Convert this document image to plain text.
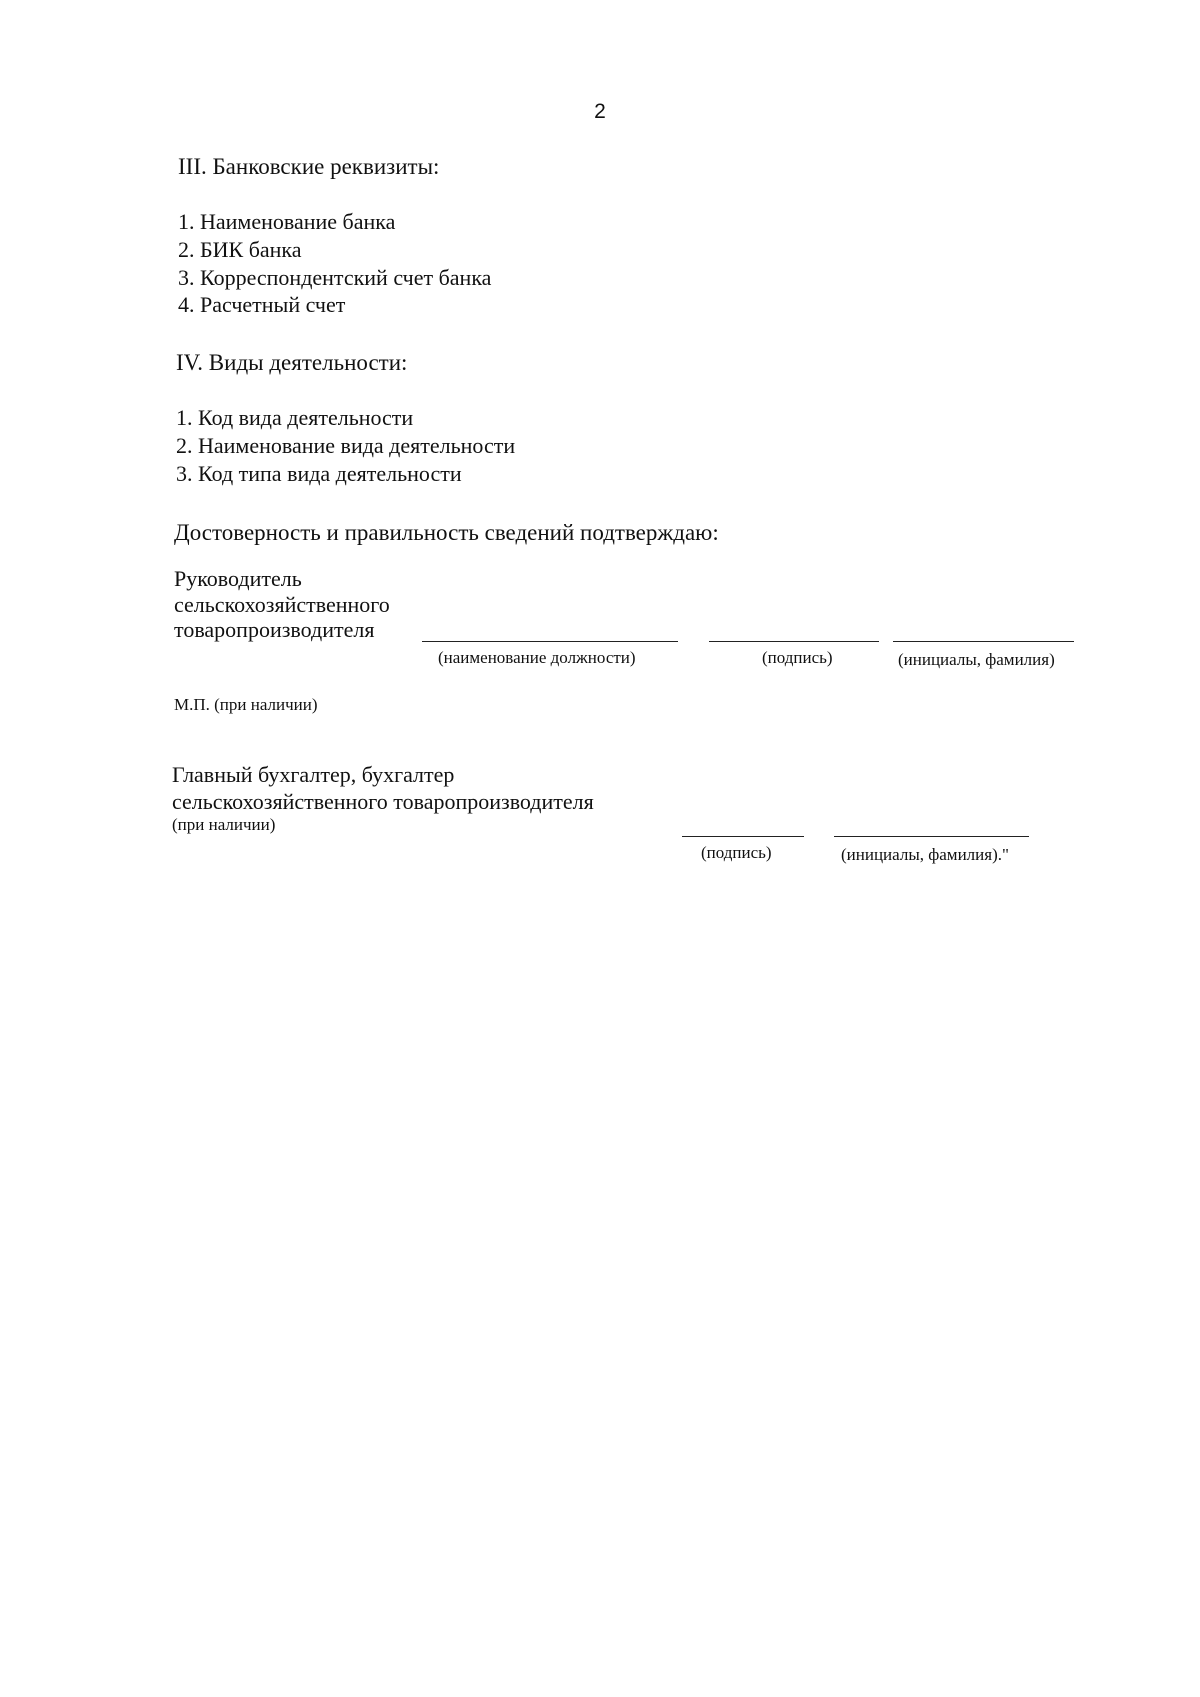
2
III. Банковские реквизиты:
1. Наименование банка
2. БИК банка
3. Корреспондентский счет банка
4. Расчетный счет
IV. Виды деятельности:
1. Код вида деятельности
2. Наименование вида деятельности
3. Код типа вида деятельности
Достоверность и правильность сведений подтверждаю:
Руководитель
сельскохозяйственного
товаропроизводителя
(наименование должности)	(подпись)	(инициалы, фамилия)
М.П. (при наличии)
Главный бухгалтер, бухгалтер
сельскохозяйственного товаропроизводителя
(при наличии)
(подпись)	(инициалы, фамилия)."
